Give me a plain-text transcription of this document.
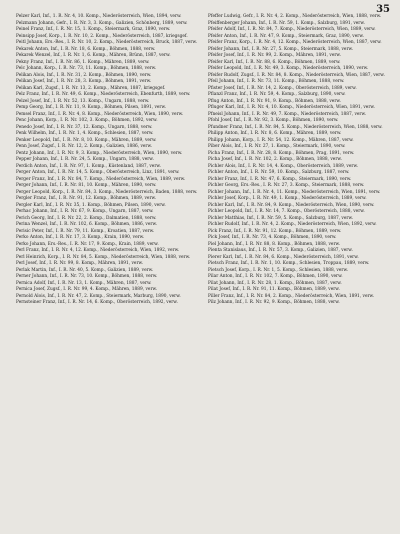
35

Pelzer Karl, Inf., 1. R. Nr. 4, 10. Komp., Niederösterreich, Wien, 1894, verw.

Pelzmann Johann, Gefr., I. R. Nr. 3, 3. Komp., Galizien, Schönberg, 1889, verw.

Peinel Franz, Inf., I. R. Nr. 15, 1. Komp., Steiermark, Graz, 1890, verw.

Peinsipp Josef, Korp., I. R. Nr. 10, 2. Komp., Niederösterreich, 1887, kriegsgef.

Peitl Johann, Ers.-Res., I. R. Nr. 10, 2. Komp., Niederösterreich, Bruck, 1887, verw.

Pekarek Anton, Inf., I. R. Nr. 18, 6. Komp., Böhmen, 1888, verw.

Pekarek Wenzel, Inf., I. R. Nr. 1, 6. Komp., Mähren, Brünn, 1887, verw.

Pekny Franz, Inf., I. R. Nr. 86, 1. Komp., Mähren, 1889, verw.

Pelc Johann, Korp., I. R. Nr. 73, 11. Komp., Böhmen, 1888, verw.

Pelikan Alois, Inf., I. R. Nr. 31, 2. Komp., Böhmen, 1890, verw.

Pelikan Josef, Inf., I. R. Nr. 28, 3. Komp., Böhmen, 1891, verw.

Pelikan Karl, Zugsf., I. R. Nr. 13, 2. Komp., Mähren, 1887, kriegsgef.

Pelz Franz, Inf., I. R. Nr. 49, 6. Komp., Niederösterreich, Ebenfurth, 1889, verw.

Pelzel Josef, Inf., I. R. Nr. 52, 13. Komp., Ungarn, 1888, verw.

Pemp Georg, Inf., I. R. Nr. 11, 9. Komp., Böhmen, Pilsen, 1891, verw.

Pemsel Franz, Inf., I. R. Nr. 4, 8. Komp., Niederösterreich, Wien, 1890, verw.

Penc Johann, Korp., I. R. Nr. 102, 3. Komp., Böhmen, 1892, verw.

Penedo Josef, Inf., I. R. Nr. 37, 12. Komp., Ungarn, 1888, verw.

Penk Wilhelm, Inf., I. R. Nr. 1, 4. Komp., Schlesien, 1887, verw.

Penker Leopold, Inf., I. R. Nr. 8, 10. Komp., Mähren, 1889, verw.

Penn Josef, Zugsf., I. R. Nr. 12, 2. Komp., Galizien, 1886, verw.

Pentz Johann, Inf., I. R. Nr. 9, 3. Komp., Niederösterreich, Wien, 1890, verw.

Pepper Johann, Inf., I. R. Nr. 24, 5. Komp., Ungarn, 1888, verw.

Perdich Anton, Inf., I. R. Nr. 97, 1. Komp., Küstenland, 1887, verw.

Perger Anton, Inf., I. R. Nr. 14, 5. Komp., Oberösterreich, Linz, 1891, verw.

Perger Franz, Inf., I. R. Nr. 84, 7. Komp., Niederösterreich, Wien, 1889, verw.

Perger Johann, Inf., I. R. Nr. 81, 10. Komp., Mähren, 1890, verw.

Perger Leopold, Korp., I. R. Nr. 84, 3. Komp., Niederösterreich, Baden, 1888, verw.

Pergler Franz, Inf., I. R. Nr. 91, 12. Komp., Böhmen, 1889, verw.

Pergler Karl, Inf., I. R. Nr. 35, 1. Komp., Böhmen, Pilsen, 1890, verw.

Perhac Johann, Inf., I. R. Nr. 67, 9. Komp., Ungarn, 1887, verw.

Perich Georg, Inf., I. R. Nr. 22, 2. Komp., Dalmatien, 1888, verw.

Perina Wenzel, Inf., I. R. Nr. 102, 6. Komp., Böhmen, 1886, verw.

Perisic Peter, Inf., I. R. Nr. 79, 11. Komp., Kroatien, 1887, verw.

Perko Anton, Inf., I. R. Nr. 17, 3. Komp., Krain, 1890, verw.

Perko Johann, Ers.-Res., I. R. Nr. 17, 9. Komp., Krain, 1889, verw.

Perl Franz, Inf., I. R. Nr. 4, 12. Komp., Niederösterreich, Wien, 1892, verw.

Perl Heinrich, Korp., I. R. Nr. 84, 5. Komp., Niederösterreich, Wien, 1888, verw.

Perl Josef, Inf., I. R. Nr. 99, 8. Komp., Mähren, 1891, verw.

Perlak Martin, Inf., I. R. Nr. 40, 5. Komp., Galizien, 1889, verw.

Perner Johann, Inf., I. R. Nr. 73, 10. Komp., Böhmen, 1888, verw.

Pernica Adolf, Inf., I. R. Nr. 13, 1. Komp., Mähren, 1887, verw.

Pernica Josef, Zugsf., I. R. Nr. 99, 4. Komp., Mähren, 1889, verw.

Pernold Alois, Inf., I. R. Nr. 47, 2. Komp., Steiermark, Marburg, 1890, verw.

Pernsteiner Franz, Inf., I. R. Nr. 14, 6. Komp., Oberösterreich, 1892, verw.

Pfeffer Ludwig, Gefr., I. R. Nr. 4, 2. Komp., Niederösterreich, Wien, 1888, verw.

Pfeiffenberger Johann, Inf., I. R. Nr. 59, 1. Komp., Salzburg, 1891, verw.

Pfeifer Adolf, Inf., I. R. Nr. 84, 7. Komp., Niederösterreich, Wien, 1889, verw.

Pfeifer Anton, Inf., I. R. Nr. 47, 9. Komp., Steiermark, Graz, 1890, verw.

Pfeifer Franz, Korp., I. R. Nr. 4, 12. Komp., Niederösterreich, Wien, 1887, verw.

Pfeifer Johann, Inf., I. R. Nr. 27, 5. Komp., Steiermark, 1888, verw.

Pfeifer Josef, Inf., I. R. Nr. 99, 2. Komp., Mähren, 1891, verw.

Pfeifer Karl, Inf., I. R. Nr. 88, 6. Komp., Böhmen, 1889, verw.

Pfeifer Leopold, Inf., I. R. Nr. 49, 3. Komp., Niederösterreich, 1890, verw.

Pfeifer Rudolf, Zugsf., I. R. Nr. 84, 8. Komp., Niederösterreich, Wien, 1887, verw.

Pfeil Johann, Inf., I. R. Nr. 73, 11. Komp., Böhmen, 1888, verw.

Pfister Josef, Inf., I. R. Nr. 14, 2. Komp., Oberösterreich, 1889, verw.

Pflanzl Franz, Inf., I. R. Nr. 59, 4. Komp., Salzburg, 1890, verw.

Pflug Anton, Inf., I. R. Nr. 91, 9. Komp., Böhmen, 1888, verw.

Pfluger Karl, Inf., I. R. Nr. 4, 10. Komp., Niederösterreich, Wien, 1891, verw.

Pfneisl Johann, Inf., I. R. Nr. 49, 7. Komp., Niederösterreich, 1887, verw.

Pfohl Josef, Inf., I. R. Nr. 92, 3. Komp., Böhmen, 1890, verw.

Pfundner Franz, Inf., I. R. Nr. 84, 5. Komp., Niederösterreich, Wien, 1888, verw.

Philipp Anton, Inf., I. R. Nr. 8, 6. Komp., Mähren, 1889, verw.

Philipp Johann, Korp., I. R. Nr. 54, 12. Komp., Mähren, 1887, verw.

Piber Alois, Inf., I. R. Nr. 27, 1. Komp., Steiermark, 1890, verw.

Picha Franz, Inf., I. R. Nr. 28, 8. Komp., Böhmen, Prag, 1891, verw.

Picha Josef, Inf., I. R. Nr. 102, 2. Komp., Böhmen, 1888, verw.

Pichler Alois, Inf., I. R. Nr. 14, 4. Komp., Oberösterreich, 1889, verw.

Pichler Anton, Inf., I. R. Nr. 59, 10. Komp., Salzburg, 1887, verw.

Pichler Franz, Inf., I. R. Nr. 47, 6. Komp., Steiermark, 1890, verw.

Pichler Georg, Ers.-Res., I. R. Nr. 27, 3. Komp., Steiermark, 1888, verw.

Pichler Johann, Inf., I. R. Nr. 4, 11. Komp., Niederösterreich, Wien, 1891, verw.

Pichler Josef, Korp., I. R. Nr. 49, 1. Komp., Niederösterreich, 1889, verw.

Pichler Karl, Inf., I. R. Nr. 84, 9. Komp., Niederösterreich, Wien, 1890, verw.

Pichler Leopold, Inf., I. R. Nr. 14, 7. Komp., Oberösterreich, 1888, verw.

Pichler Matthias, Inf., I. R. Nr. 59, 5. Komp., Salzburg, 1887, verw.

Pichler Rudolf, Inf., I. R. Nr. 4, 2. Komp., Niederösterreich, Wien, 1892, verw.

Pick Franz, Inf., I. R. Nr. 91, 12. Komp., Böhmen, 1889, verw.

Pick Josef, Inf., I. R. Nr. 73, 4. Komp., Böhmen, 1890, verw.

Piel Johann, Inf., I. R. Nr. 88, 8. Komp., Böhmen, 1888, verw.

Pienta Stanislaus, Inf., I. R. Nr. 57, 3. Komp., Galizien, 1887, verw.

Pierer Karl, Inf., I. R. Nr. 84, 6. Komp., Niederösterreich, 1891, verw.

Pietsch Franz, Inf., I. R. Nr. 1, 10. Komp., Schlesien, Troppau, 1889, verw.

Pietsch Josef, Korp., I. R. Nr. 1, 5. Komp., Schlesien, 1888, verw.

Pilar Anton, Inf., I. R. Nr. 102, 7. Komp., Böhmen, 1890, verw.

Pilat Johann, Inf., I. R. Nr. 28, 1. Komp., Böhmen, 1887, verw.

Pilat Josef, Inf., I. R. Nr. 91, 11. Komp., Böhmen, 1889, verw.

Piller Franz, Inf., I. R. Nr. 84, 2. Komp., Niederösterreich, Wien, 1891, verw.

Pilz Johann, Inf., I. R. Nr. 92, 9. Komp., Böhmen, 1888, verw.
